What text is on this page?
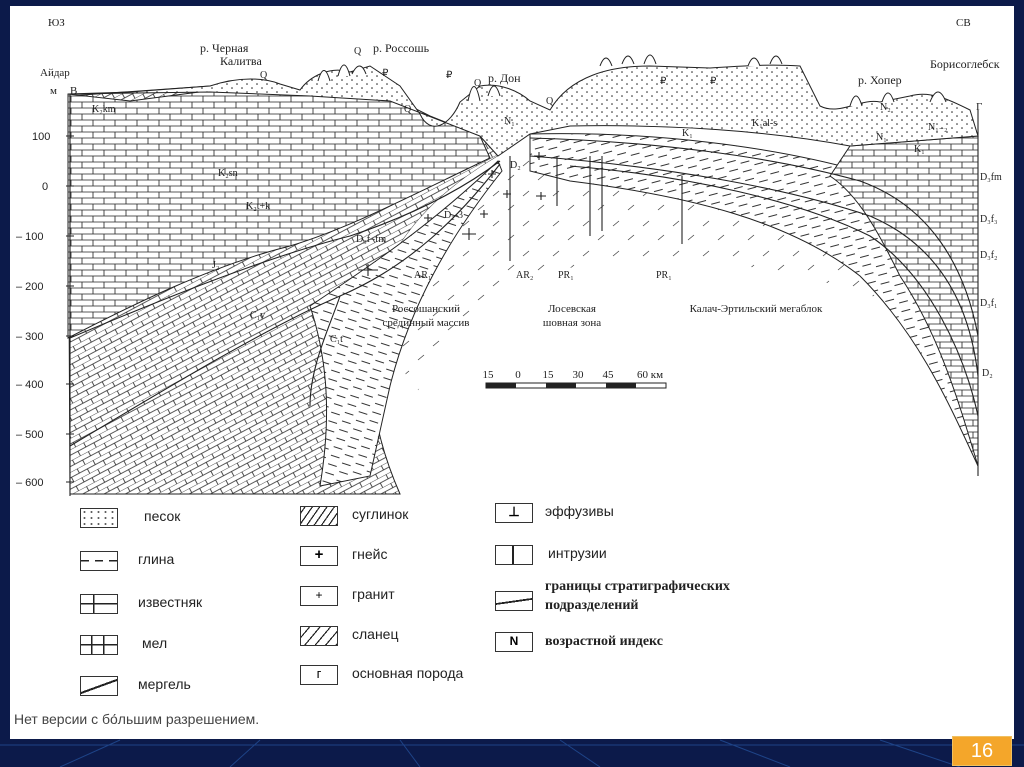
ЮЗ	СВ
100
0
– 100
– 200
– 300
– 400
– 500
– 600
Айдар
м В
Г
р. Черная
Калитва
р. Россошь
р. Дон	р. Хопер
Борисоглебск
Q
Q
Q
Q
Q
₽	₽
₽	₽
K₂km
K₂sn
K₂t+k
J₂
C₁v
C₁t
D₃f–fm
D₂-3
D₂
AR₁	AR₂ PR₁	PR₁
N₁
N₁
N₂
N₁₋₂
K₁
K₁
K₁al-s
D₃fm
D₃f₃
D₃f₂
D₃f₁
D₂
Россошанский
срединный массив
Лосевская
шовная зона
Калач-Эртильский мегаблок
15 0 15 30 45 60 км
песок
глина
известняк
мел
мергель
суглинок
+	гнейс
+	гранит
сланец
г	основная порода
⊥	эффузивы
интрузии
границы стратиграфических
подразделений
N	возрастной индекс
Нет версии с бо́льшим разрешением.
16
